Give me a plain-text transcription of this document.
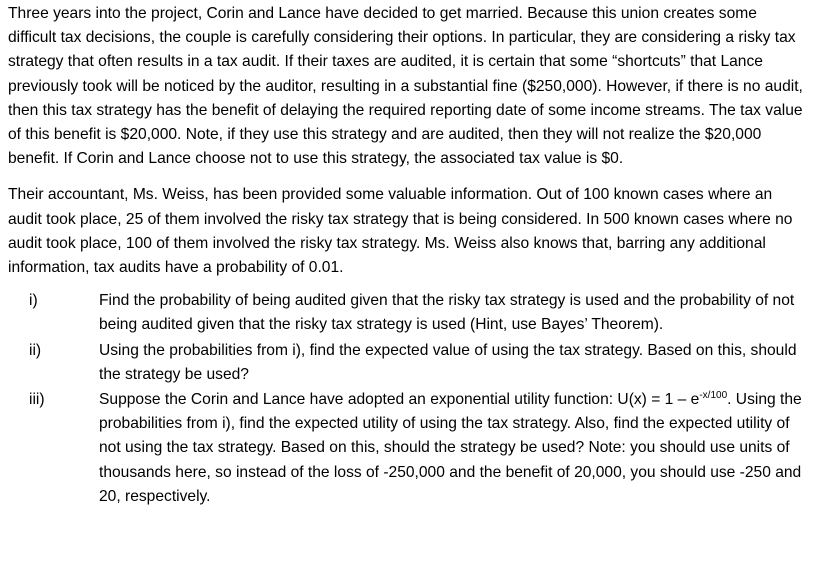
Three years into the project, Corin and Lance have decided to get married. Because this union creates some difficult tax decisions, the couple is carefully considering their options. In particular, they are considering a risky tax strategy that often results in a tax audit. If their taxes are audited, it is certain that some “shortcuts” that Lance previously took will be noticed by the auditor, resulting in a substantial fine ($250,000). However, if there is no audit, then this tax strategy has the benefit of delaying the required reporting date of some income streams. The tax value of this benefit is $20,000. Note, if they use this strategy and are audited, then they will not realize the $20,000 benefit. If Corin and Lance choose not to use this strategy, the associated tax value is $0.

Their accountant, Ms. Weiss, has been provided some valuable information. Out of 100 known cases where an audit took place, 25 of them involved the risky tax strategy that is being considered. In 500 known cases where no audit took place, 100 of them involved the risky tax strategy. Ms. Weiss also knows that, barring any additional information, tax audits have a probability of 0.01.

i)	Find the probability of being audited given that the risky tax strategy is used and the probability of not being audited given that the risky tax strategy is used (Hint, use Bayes’ Theorem).
ii)	Using the probabilities from i), find the expected value of using the tax strategy. Based on this, should the strategy be used?
iii)	Suppose the Corin and Lance have adopted an exponential utility function: $U(x) = 1 - e^{-x/100}$. Using the probabilities from i), find the expected utility of using the tax strategy. Also, find the expected utility of not using the tax strategy. Based on this, should the strategy be used? Note: you should use units of thousands here, so instead of the loss of -250,000 and the benefit of 20,000, you should use -250 and 20, respectively.
